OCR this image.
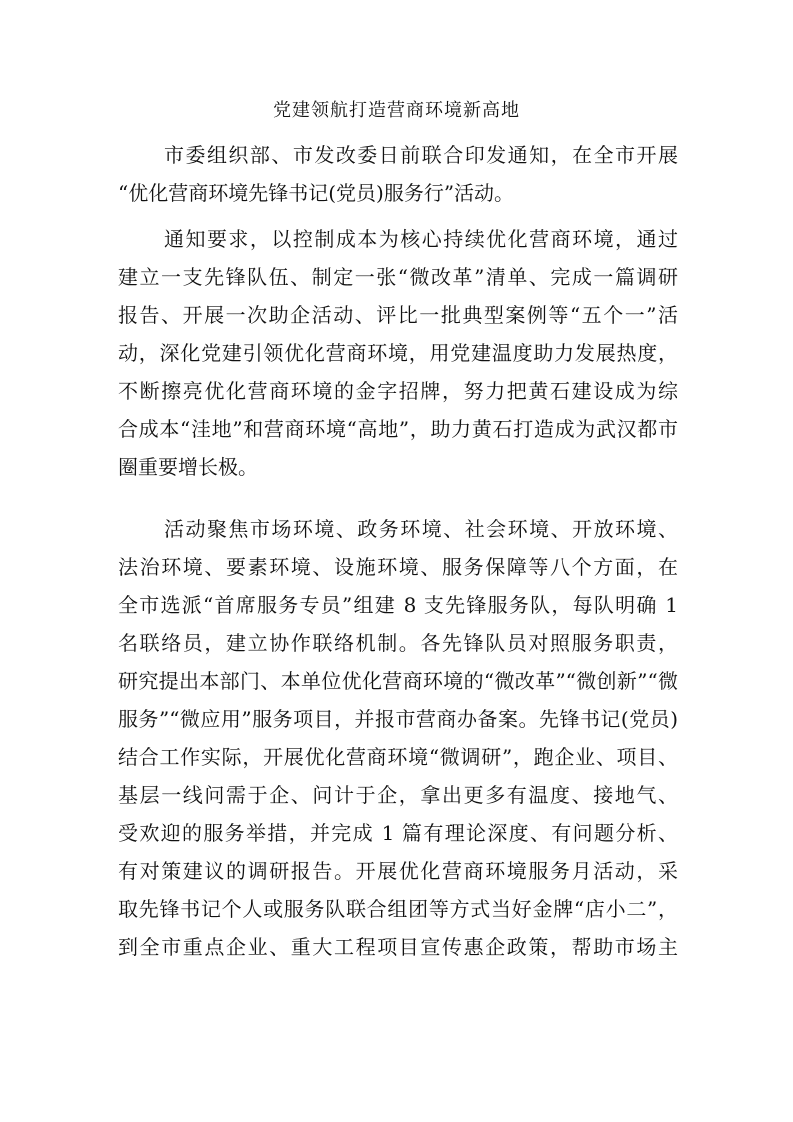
党建领航打造营商环境新高地
市委组织部、市发改委日前联合印发通知，在全市开展
“优化营商环境先锋书记(党员)服务行”活动。
通知要求，以控制成本为核心持续优化营商环境，通过
建立一支先锋队伍、制定一张“微改革”清单、完成一篇调研
报告、开展一次助企活动、评比一批典型案例等“五个一”活
动，深化党建引领优化营商环境，用党建温度助力发展热度，
不断擦亮优化营商环境的金字招牌，努力把黄石建设成为综
合成本“洼地”和营商环境“高地”，助力黄石打造成为武汉都市
圈重要增长极。
活动聚焦市场环境、政务环境、社会环境、开放环境、
法治环境、要素环境、设施环境、服务保障等八个方面，在
全市选派“首席服务专员”组建 8 支先锋服务队，每队明确 1
名联络员，建立协作联络机制。各先锋队员对照服务职责，
研究提出本部门、本单位优化营商环境的“微改革”“微创新”“微
服务”“微应用”服务项目，并报市营商办备案。先锋书记(党员)
结合工作实际，开展优化营商环境“微调研”，跑企业、项目、
基层一线问需于企、问计于企，拿出更多有温度、接地气、
受欢迎的服务举措，并完成 1 篇有理论深度、有问题分析、
有对策建议的调研报告。开展优化营商环境服务月活动，采
取先锋书记个人或服务队联合组团等方式当好金牌“店小二”，
到全市重点企业、重大工程项目宣传惠企政策，帮助市场主
